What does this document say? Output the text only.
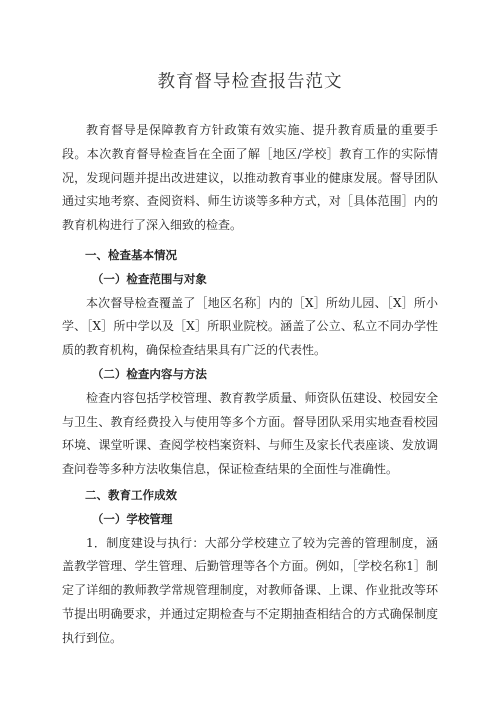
教育督导检查报告范文

教育督导是保障教育方针政策有效实施、提升教育质量的重要手段。本次教育督导检查旨在全面了解［地区/学校］教育工作的实际情况，发现问题并提出改进建议，以推动教育事业的健康发展。督导团队通过实地考察、查阅资料、师生访谈等多种方式，对［具体范围］内的教育机构进行了深入细致的检查。

一、检查基本情况

（一）检查范围与对象

本次督导检查覆盖了［地区名称］内的［X］所幼儿园、［X］所小学、［X］所中学以及［X］所职业院校。涵盖了公立、私立不同办学性质的教育机构，确保检查结果具有广泛的代表性。

（二）检查内容与方法

检查内容包括学校管理、教育教学质量、师资队伍建设、校园安全与卫生、教育经费投入与使用等多个方面。督导团队采用实地查看校园环境、课堂听课、查阅学校档案资料、与师生及家长代表座谈、发放调查问卷等多种方法收集信息，保证检查结果的全面性与准确性。

二、教育工作成效

（一）学校管理

1．制度建设与执行：大部分学校建立了较为完善的管理制度，涵盖教学管理、学生管理、后勤管理等各个方面。例如，［学校名称1］制定了详细的教师教学常规管理制度，对教师备课、上课、作业批改等环节提出明确要求，并通过定期检查与不定期抽查相结合的方式确保制度执行到位。
